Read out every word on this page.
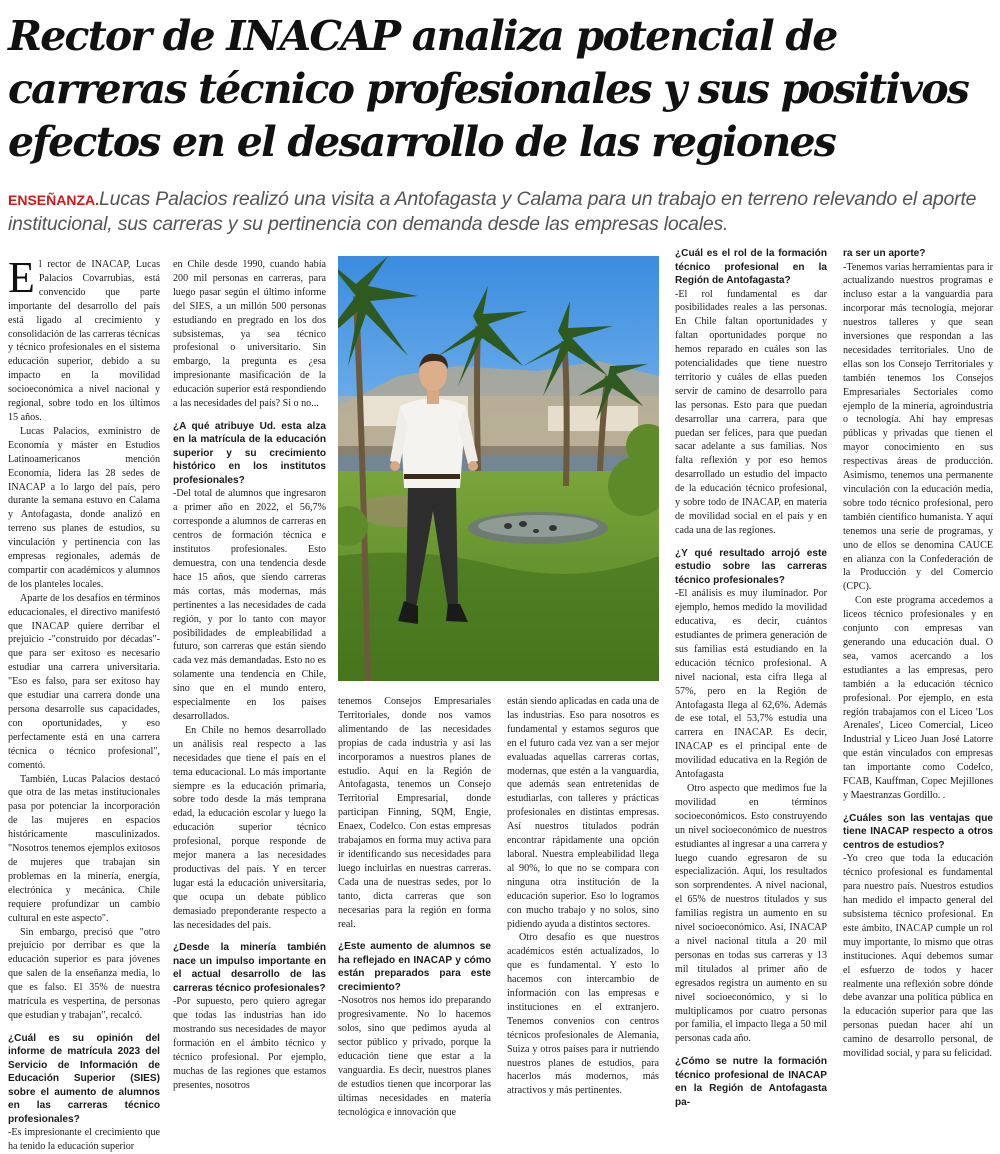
Rector de INACAP analiza potencial de carreras técnico profesionales y sus positivos efectos en el desarrollo de las regiones

ENSEÑANZA.Lucas Palacios realizó una visita a Antofagasta y Calama para un trabajo en terreno relevando el aporte institucional, sus carreras y su pertinencia con demanda desde las empresas locales.

El rector de INACAP, Lucas Palacios Covarrubias, está convencido que parte importante del desarrollo del país está ligado al crecimiento y consolidación de las carreras técnicas y técnico profesionales en el sistema educación superior, debido a su impacto en la movilidad socioeconómica a nivel nacional y regional, sobre todo en los últimos 15 años.

Lucas Palacios, exministro de Economía y máster en Estudios Latinoamericanos mención Economía, lidera las 28 sedes de INACAP a lo largo del país, pero durante la semana estuvo en Calama y Antofagasta, donde analizó en terreno sus planes de estudios, su vinculación y pertinencia con las empresas regionales, además de compartir con académicos y alumnos de los planteles locales.

Aparte de los desafíos en términos educacionales, el directivo manifestó que INACAP quiere derribar el prejuicio -"construido por décadas"- que para ser exitoso es necesario estudiar una carrera universitaria. "Eso es falso, para ser exitoso hay que estudiar una carrera donde una persona desarrolle sus capacidades, con oportunidades, y eso perfectamente está en una carrera técnica o técnico profesional", comentó.

También, Lucas Palacios destacó que otra de las metas institucionales pasa por potenciar la incorporación de las mujeres en espacios históricamente masculinizados. "Nosotros tenemos ejemplos exitosos de mujeres que trabajan sin problemas en la minería, energía, electrónica y mecánica. Chile requiere profundizar un cambio cultural en este aspecto".

Sin embargo, precisó que "otro prejuicio por derribar es que la educación superior es para jóvenes que salen de la enseñanza media, lo que es falso. El 35% de nuestra matrícula es vespertina, de personas que estudian y trabajan", recalcó.

¿Cuál es su opinión del informe de matrícula 2023 del Servicio de Información de Educación Superior (SIES) sobre el aumento de alumnos en las carreras técnico profesionales?

-Es impresionante el crecimiento que ha tenido la educación superior

en Chile desde 1990, cuando había 200 mil personas en carreras, para luego pasar según el último informe del SIES, a un millón 500 personas estudiando en pregrado en los dos subsistemas, ya sea técnico profesional o universitario. Sin embargo, la pregunta es ¿esa impresionante masificación de la educación superior está respondiendo a las necesidades del país? Si o no...

¿A qué atribuye Ud. esta alza en la matrícula de la educación superior y su crecimiento histórico en los institutos profesionales?

-Del total de alumnos que ingresaron a primer año en 2022, el 56,7% corresponde a alumnos de carreras en centros de formación técnica e institutos profesionales. Esto demuestra, con una tendencia desde hace 15 años, que siendo carreras más cortas, más modernas, más pertinentes a las necesidades de cada región, y por lo tanto con mayor posibilidades de empleabilidad a futuro, son carreras que están siendo cada vez más demandadas. Esto no es solamente una tendencia en Chile, sino que en el mundo entero, especialmente en los países desarrollados.

En Chile no hemos desarrollado un análisis real respecto a las necesidades que tiene el país en el tema educacional. Lo más importante siempre es la educación primaria, sobre todo desde la más temprana edad, la educación escolar y luego la educación superior técnico profesional, porque responde de mejor manera a las necesidades productivas del país. Y en tercer lugar está la educación universitaria, que ocupa un debate público demasiado preponderante respecto a las necesidades del país.

¿Desde la minería también nace un impulso importante en el actual desarrollo de las carreras técnico profesionales?

-Por supuesto, pero quiero agregar que todas las industrias han ido mostrando sus necesidades de mayor formación en el ámbito técnico y técnico profesional. Por ejemplo, muchas de las regiones que estamos presentes, nosotros

tenemos Consejos Empresariales Territoriales, donde nos vamos alimentando de las necesidades propias de cada industria y así las incorporamos a nuestros planes de estudio. Aquí en la Región de Antofagasta, tenemos un Consejo Territorial Empresarial, donde participan Finning, SQM, Engie, Enaex, Codelco. Con estas empresas trabajamos en forma muy activa para ir identificando sus necesidades para luego incluirlas en nuestras carreras. Cada una de nuestras sedes, por lo tanto, dicta carreras que son necesarias para la región en forma real.

¿Este aumento de alumnos se ha reflejado en INACAP y cómo están preparados para este crecimiento?

-Nosotros nos hemos ido preparando progresivamente. No lo hacemos solos, sino que pedimos ayuda al sector público y privado, porque la educación tiene que estar a la vanguardia. Es decir, nuestros planes de estudios tienen que incorporar las últimas necesidades en materia tecnológica e innovación que

están siendo aplicadas en cada una de las industrias. Eso para nosotros es fundamental y estamos seguros que en el futuro cada vez van a ser mejor evaluadas aquellas carreras cortas, modernas, que estén a la vanguardia, que además sean entretenidas de estudiarlas, con talleres y prácticas profesionales en distintas empresas. Así nuestros titulados podrán encontrar rápidamente una opción laboral. Nuestra empleabilidad llega al 90%, lo que no se compara con ninguna otra institución de la educación superior. Eso lo logramos con mucho trabajo y no solos, sino pidiendo ayuda a distintos sectores.

Otro desafío es que nuestros académicos estén actualizados, lo que es fundamental. Y esto lo hacemos con intercambio de información con las empresas e instituciones en el extranjero. Tenemos convenios con centros técnicos profesionales de Alemania, Suiza y otros países para ir nutriendo nuestros planes de estudios, para hacerlos más modernos, más atractivos y más pertinentes.

¿Cuál es el rol de la formación técnico profesional en la Región de Antofagasta?

-El rol fundamental es dar posibilidades reales a las personas. En Chile faltan oportunidades y faltan oportunidades porque no hemos reparado en cuáles son las potencialidades que tiene nuestro territorio y cuáles de ellas pueden servir de camino de desarrollo para las personas. Esto para que puedan desarrollar una carrera, para que puedan ser felices, para que puedan sacar adelante a sus familias. Nos falta reflexión y por eso hemos desarrollado un estudio del impacto de la educación técnico profesional, y sobre todo de INACAP, en materia de movilidad social en el país y en cada una de las regiones.

¿Y qué resultado arrojó este estudio sobre las carreras técnico profesionales?

-El análisis es muy iluminador. Por ejemplo, hemos medido la movilidad educativa, es decir, cuántos estudiantes de primera generación de sus familias está estudiando en la educación técnico profesional. A nivel nacional, esta cifra llega al 57%, pero en la Región de Antofagasta llega al 62,6%. Además de ese total, el 53,7% estudia una carrera en INACAP. Es decir, INACAP es el principal ente de movilidad educativa en la Región de Antofagasta

Otro aspecto que medimos fue la movilidad en términos socioeconómicos. Esto construyendo un nivel socioeconómico de nuestros estudiantes al ingresar a una carrera y luego cuando egresaron de su especialización. Aquí, los resultados son sorprendentes. A nivel nacional, el 65% de nuestros titulados y sus familias registra un aumento en su nivel socioeconómico. Así, INACAP a nivel nacional titula a 20 mil personas en todas sus carreras y 13 mil titulados al primer año de egresados registra un aumento en su nivel socioeconómico, y si lo multiplicamos por cuatro personas por familia, el impacto llega a 50 mil personas cada año.

¿Cómo se nutre la formación técnico profesional de INACAP en la Región de Antofagasta pa-

ra ser un aporte?

-Tenemos varias herramientas para ir actualizando nuestros programas e incluso estar a la vanguardia para incorporar más tecnología, mejorar nuestros talleres y que sean inversiones que respondan a las necesidades territoriales. Uno de ellas son los Consejo Territoriales y también tenemos los Consejos Empresariales Sectoriales como ejemplo de la minería, agroindustria o tecnología. Ahí hay empresas públicas y privadas que tienen el mayor conocimiento en sus respectivas áreas de producción. Asimismo, tenemos una permanente vinculación con la educación media, sobre todo técnico profesional, pero también científico humanista. Y aquí tenemos una serie de programas, y uno de ellos se denomina CAUCE en alianza con la Confederación de la Producción y del Comercio (CPC).

Con este programa accedemos a liceos técnico profesionales y en conjunto con empresas van generando una educación dual. O sea, vamos acercando a los estudiantes a las empresas, pero también a la educación técnico profesional. Por ejemplo, en esta región trabajamos con el Liceo 'Los Arenales', Liceo Comercial, Liceo Industrial y Liceo Juan José Latorre que están vinculados con empresas tan importante como Codelco, FCAB, Kauffman, Copec Mejillones y Maestranzas Gordillo. .

¿Cuáles son las ventajas que tiene INACAP respecto a otros centros de estudios?

-Yo creo que toda la educación técnico profesional es fundamental para nuestro país. Nuestros estudios han medido el impacto general del subsistema técnico profesional. En este ámbito, INACAP cumple un rol muy importante, lo mismo que otras instituciones. Aquí debemos sumar el esfuerzo de todos y hacer realmente una reflexión sobre dónde debe avanzar una política pública en la educación superior para que las personas puedan hacer ahí un camino de desarrollo personal, de movilidad social, y para su felicidad.
